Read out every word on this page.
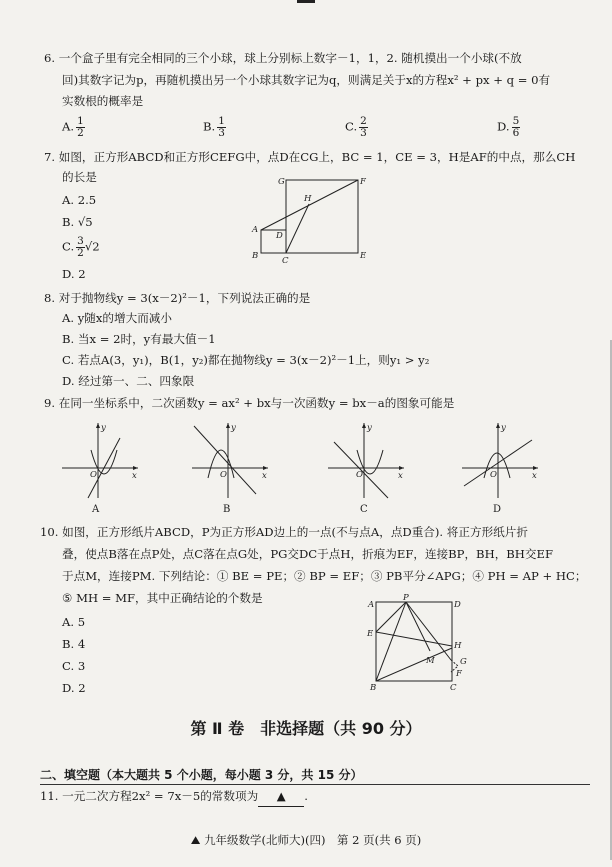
6. 一个盒子里有完全相同的三个小球，球上分别标上数字－1，1，2. 随机摸出一个小球(不放
回)其数字记为p，再随机摸出另一个小球其数字记为q，则满足关于x的方程x² + px + q = 0有
实数根的概率是
A. $\frac{1}{2}$	B. $\frac{1}{3}$	C. $\frac{2}{3}$	D. $\frac{5}{6}$
7. 如图，正方形ABCD和正方形CEFG中，点D在CG上，BC = 1，CE = 3，H是AF的中点，那么CH
的长是
A. 2.5
B. √5
C. $\frac{3}{2} √2$
D. 2
G	F
H
A
D
B	C	E
8. 对于抛物线y = 3(x－2)²－1，下列说法正确的是
A. y随x的增大而减小
B. 当x = 2时，y有最大值－1
C. 若点A(3，y₁)，B(1，y₂)都在抛物线y = 3(x－2)²－1上，则y₁ > y₂
D. 经过第一、二、四象限
9. 在同一坐标系中，二次函数y = ax² + bx与一次函数y = bx－a的图象可能是
y
x
O
y
x
O
y
x
O
y
x
O
A	B	C	D
10. 如图，正方形纸片ABCD，P为正方形AD边上的一点(不与点A，点D重合). 将正方形纸片折
叠，使点B落在点P处，点C落在点G处，PG交DC于点H，折痕为EF，连接BP，BH，BH交EF
于点M，连接PM. 下列结论：① BE = PE；② BP = EF；③ PB平分∠APG；④ PH = AP + HC；
⑤ MH = MF，其中正确结论的个数是
A. 5
B. 4
C. 3
D. 2
A
P
D
E
H
G
M
F
B	C
第 Ⅱ 卷　非选择题（共 90 分）
二、填空题（本大题共 5 个小题，每小题 3 分，共 15 分）
11. 一元二次方程2x² = 7x－5的常数项为 ▲ .
⛰ 九年级数学(北师大)(四)　第 2 页(共 6 页)
